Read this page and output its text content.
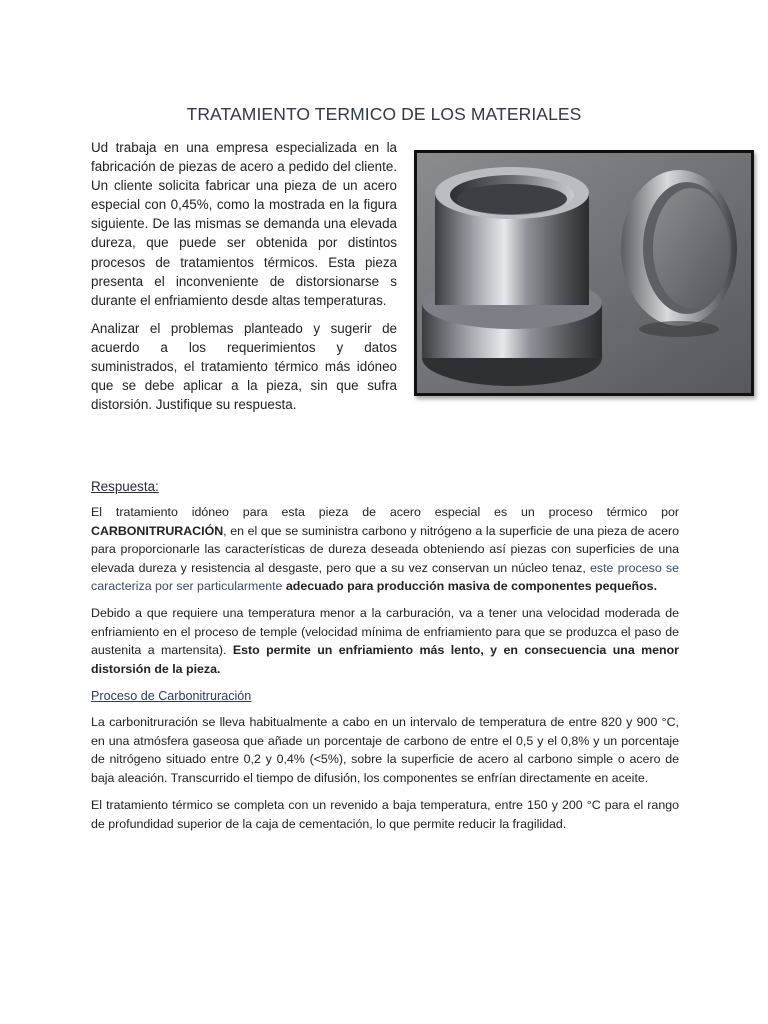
TRATAMIENTO TERMICO DE LOS MATERIALES

Ud trabaja en una empresa especializada en la fabricación de piezas de acero a pedido del cliente. Un cliente solicita fabricar una pieza de un acero especial con 0,45%, como la mostrada en la figura siguiente. De las mismas se demanda una elevada dureza, que puede ser obtenida por distintos procesos de tratamientos térmicos. Esta pieza presenta el inconveniente de distorsionarse s durante el enfriamiento desde altas temperaturas.

Analizar el problemas planteado y sugerir de acuerdo a los requerimientos y datos suministrados, el tratamiento térmico más idóneo que se debe aplicar a la pieza, sin que sufra distorsión. Justifique su respuesta.

Respuesta:

El tratamiento idóneo para esta pieza de acero especial es un proceso térmico por CARBONITRURACIÓN, en el que se suministra carbono y nitrógeno a la superficie de una pieza de acero para proporcionarle las características de dureza deseada obteniendo así piezas con superficies de una elevada dureza y resistencia al desgaste, pero que a su vez conservan un núcleo tenaz, este proceso se caracteriza por ser particularmente adecuado para producción masiva de componentes pequeños.

Debido a que requiere una temperatura menor a la carburación, va a tener una velocidad moderada de enfriamiento en el proceso de temple (velocidad mínima de enfriamiento para que se produzca el paso de austenita a martensita). Esto permite un enfriamiento más lento, y en consecuencia una menor distorsión de la pieza.

Proceso de Carbonitruración

La carbonitruración se lleva habitualmente a cabo en un intervalo de temperatura de entre 820 y 900 °C, en una atmósfera gaseosa que añade un porcentaje de carbono de entre el 0,5 y el 0,8% y un porcentaje de nitrógeno situado entre 0,2 y 0,4% (<5%), sobre la superficie de acero al carbono simple o acero de baja aleación. Transcurrido el tiempo de difusión, los componentes se enfrían directamente en aceite.

El tratamiento térmico se completa con un revenido a baja temperatura, entre 150 y 200 °C para el rango de profundidad superior de la caja de cementación, lo que permite reducir la fragilidad.
